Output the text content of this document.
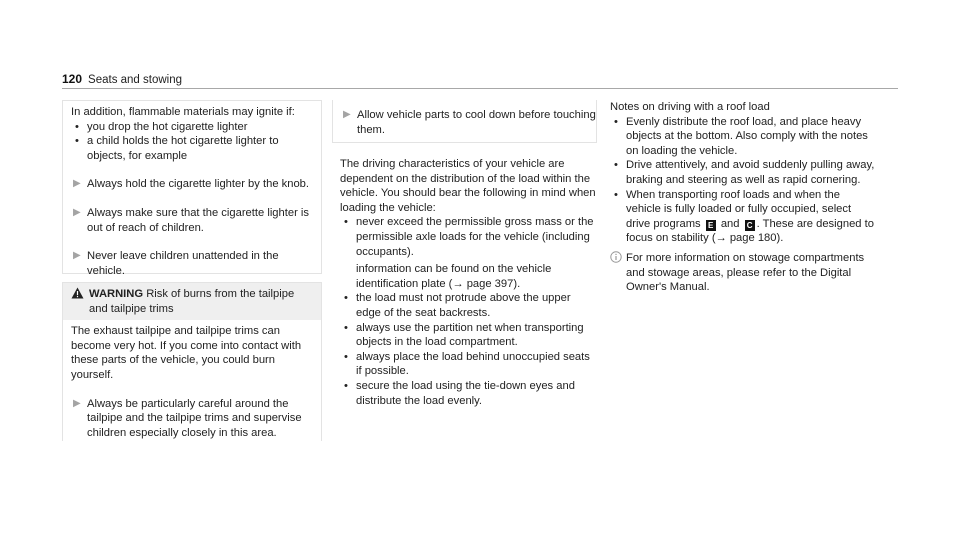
120 Seats and stowing

In addition, flammable materials may ignite if:

• you drop the hot cigarette lighter
• a child holds the hot cigarette lighter to objects, for example
▶ Always hold the cigarette lighter by the knob.
▶ Always make sure that the cigarette lighter is out of reach of children.
▶ Never leave children unattended in the vehicle.
WARNING Risk of burns from the tailpipe and tailpipe trims

The exhaust tailpipe and tailpipe trims can become very hot. If you come into contact with these parts of the vehicle, you could burn yourself.

▶ Always be particularly careful around the tailpipe and the tailpipe trims and supervise children especially closely in this area.
▶ Allow vehicle parts to cool down before touching them.

The driving characteristics of your vehicle are dependent on the distribution of the load within the vehicle. You should bear the following in mind when loading the vehicle:

• never exceed the permissible gross mass or the permissible axle loads for the vehicle (including occupants).

information can be found on the vehicle identification plate (→ page 397).
• the load must not protrude above the upper edge of the seat backrests.
• always use the partition net when transporting objects in the load compartment.
• always place the load behind unoccupied seats if possible.
• secure the load using the tie-down eyes and distribute the load evenly.

Notes on driving with a roof load

• Evenly distribute the roof load, and place heavy objects at the bottom. Also comply with the notes on loading the vehicle.
• Drive attentively, and avoid suddenly pulling away, braking and steering as well as rapid cornering.
• When transporting roof loads and when the vehicle is fully loaded or fully occupied, select drive programs E and C . These are designed to focus on stability (→ page 180).
For more information on stowage compartments and stowage areas, please refer to the Digital Owner's Manual.
